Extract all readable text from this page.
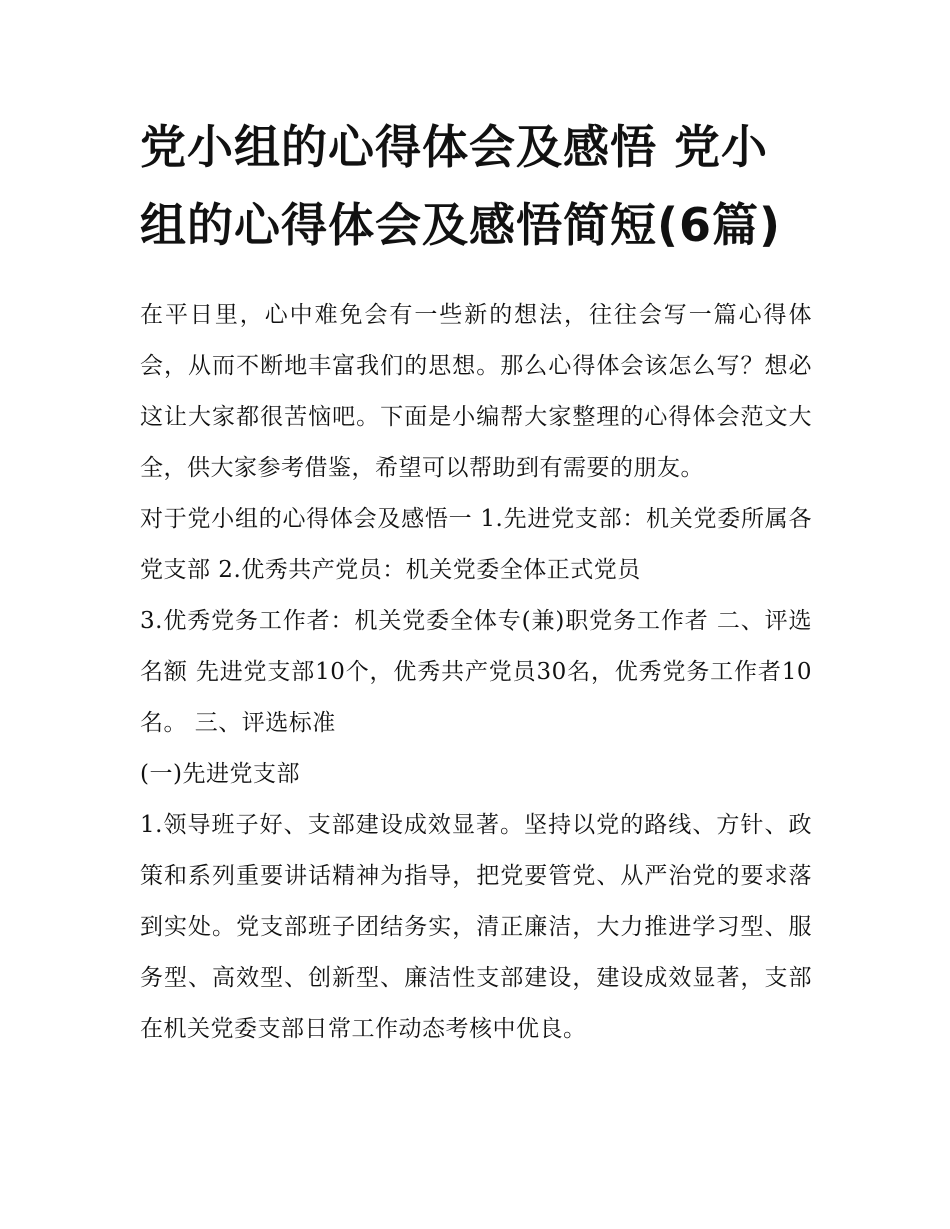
党小组的心得体会及感悟 党小组的心得体会及感悟简短(6篇)

在平日里，心中难免会有一些新的想法，往往会写一篇心得体会，从而不断地丰富我们的思想。那么心得体会该怎么写？想必这让大家都很苦恼吧。下面是小编帮大家整理的心得体会范文大全，供大家参考借鉴，希望可以帮助到有需要的朋友。

对于党小组的心得体会及感悟一 1.先进党支部：机关党委所属各党支部 2.优秀共产党员：机关党委全体正式党员

3.优秀党务工作者：机关党委全体专(兼)职党务工作者 二、评选名额 先进党支部10个，优秀共产党员30名，优秀党务工作者10名。 三、评选标准

(一)先进党支部

1.领导班子好、支部建设成效显著。坚持以党的路线、方针、政策和系列重要讲话精神为指导，把党要管党、从严治党的要求落到实处。党支部班子团结务实，清正廉洁，大力推进学习型、服务型、高效型、创新型、廉洁性支部建设，建设成效显著，支部在机关党委支部日常工作动态考核中优良。
